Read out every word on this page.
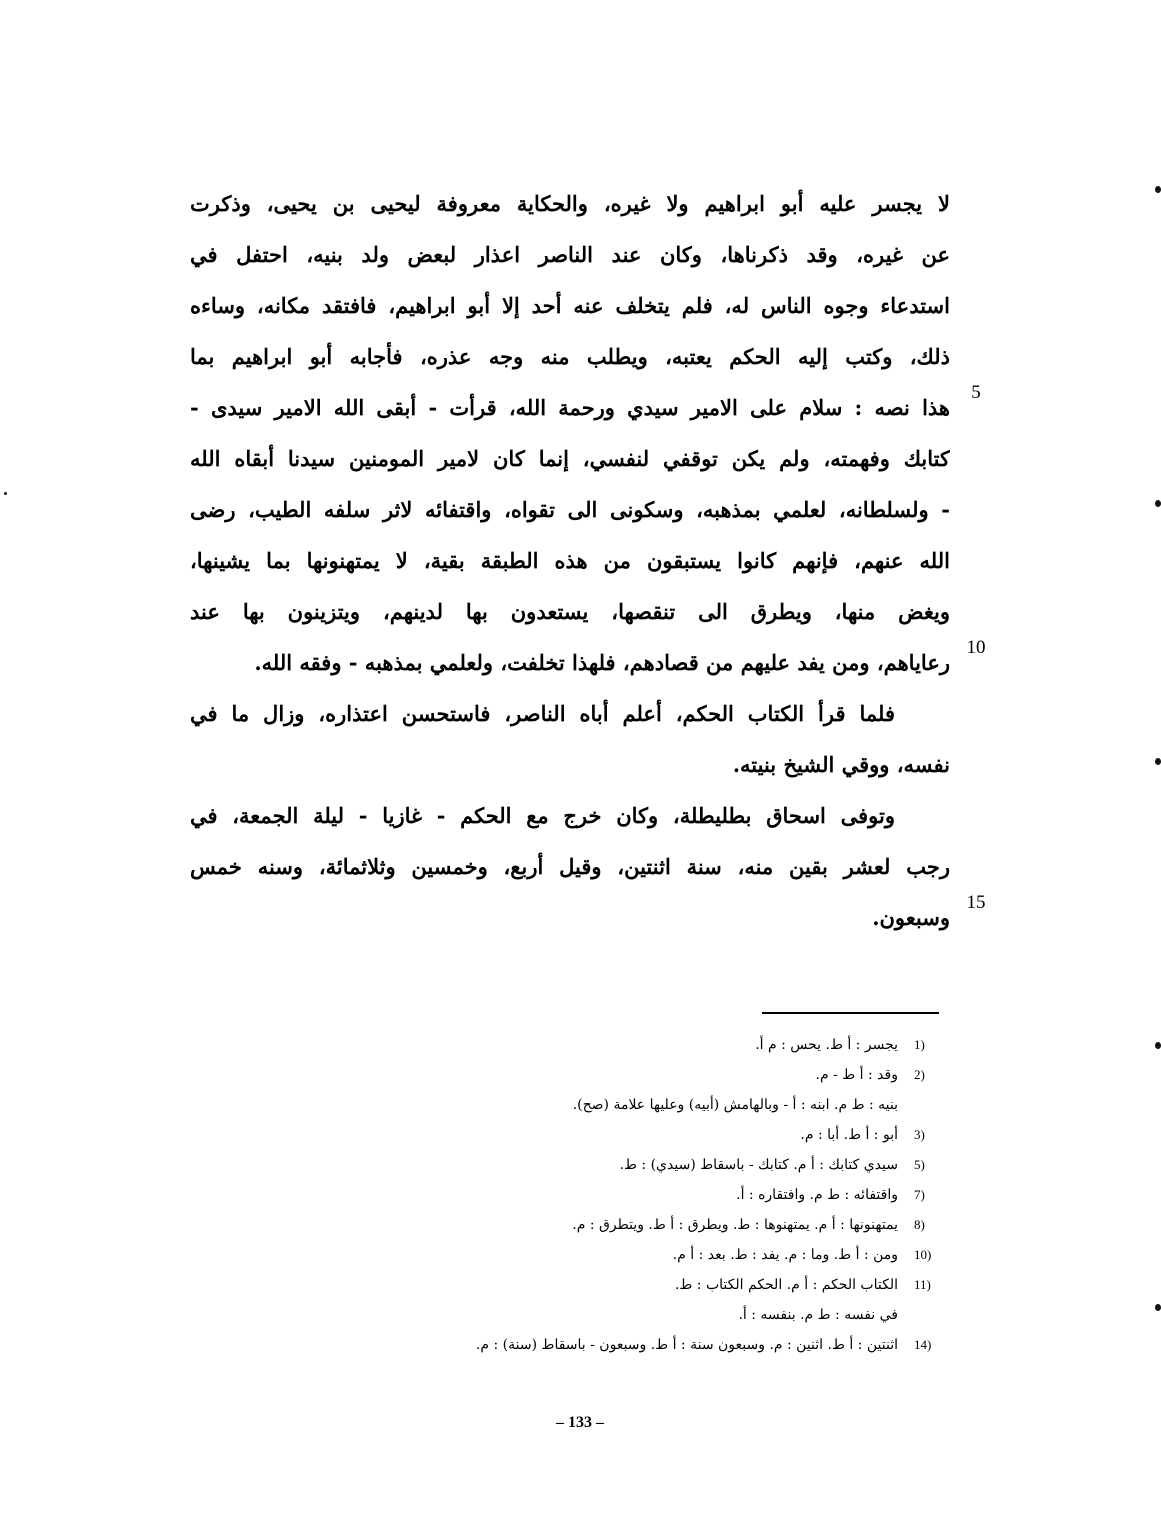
لا يجسر عليه أبو ابراهيم ولا غيره، والحكاية معروفة ليحيى بن يحيى، وذكرت
عن غيره، وقد ذكرناها، وكان عند الناصر اعذار لبعض ولد بنيه، احتفل في
استدعاء وجوه الناس له، فلم يتخلف عنه أحد إلا أبو ابراهيم، فافتقد مكانه، وساءه
ذلك، وكتب إليه الحكم يعتبه، ويطلب منه وجه عذره، فأجابه أبو ابراهيم بما
هذا نصه : سلام على الامير سيدي ورحمة الله، قرأت - أبقى الله الامير سيدى -
كتابك وفهمته، ولم يكن توقفي لنفسي، إنما كان لامير المومنين سيدنا أبقاه الله
- ولسلطانه، لعلمي بمذهبه، وسكونى الى تقواه، واقتفائه لاثر سلفه الطيب، رضى
الله عنهم، فإنهم كانوا يستبقون من هذه الطبقة بقية، لا يمتهنونها بما يشينها،
ويغض منها، ويطرق الى تنقصها، يستعدون بها لدينهم، ويتزينون بها عند
رعاياهم، ومن يفد عليهم من قصادهم، فلهذا تخلفت، ولعلمي بمذهبه - وفقه الله.
فلما قرأ الكتاب الحكم، أعلم أباه الناصر، فاستحسن اعتذاره، وزال ما في
نفسه، ووقي الشيخ بنيته.
وتوفى اسحاق بطليطلة، وكان خرج مع الحكم - غازيا - ليلة الجمعة، في
رجب لعشر بقين منه، سنة اثنتين، وقيل أربع، وخمسين وثلاثمائة، وسنه خمس
وسبعون.
5
10
15
1)
يجسر : أ ط. يحس : م أ.
2)
وقد : أ ط - م.
بنيه : ط م. ابنه : أ - وبالهامش (أبيه) وعليها علامة (صح).
3)
أبو : أ ط. أبا : م.
5)
سيدي كتابك : أ م. كتابك - باسقاط (سيدي) : ط.
7)
واقتفائه : ط م. وافتقاره : أ.
8)
يمتهنونها : أ م. يمتهنوها : ط. ويطرق : أ ط. ويتطرق : م.
10)
ومن : أ ط. وما : م. يفد : ط. بعد : أ م.
11)
الكتاب الحكم : أ م. الحكم الكتاب : ط.
في نفسه : ط م. بنفسه : أ.
14)
اثنتين : أ ط. اثنين : م. وسبعون سنة : أ ط. وسبعون - باسقاط (سنة) : م.
– 133 –
